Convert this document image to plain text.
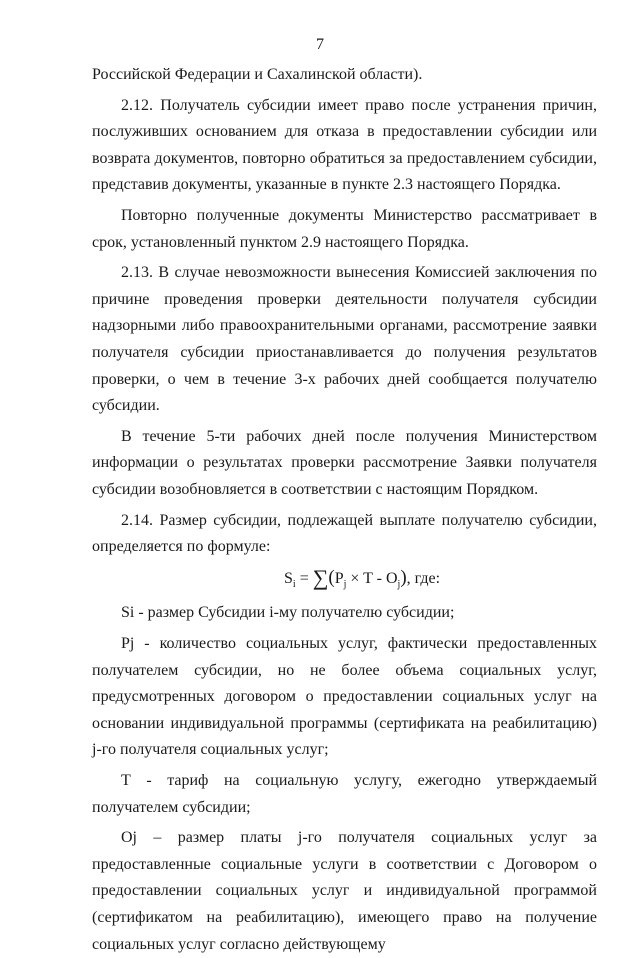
7

Российской Федерации и Сахалинской области).

2.12. Получатель субсидии имеет право после устранения причин, послуживших основанием для отказа в предоставлении субсидии или возврата документов, повторно обратиться за предоставлением субсидии, представив документы, указанные в пункте 2.3 настоящего Порядка.

Повторно полученные документы Министерство рассматривает в срок, установленный пунктом 2.9 настоящего Порядка.

2.13. В случае невозможности вынесения Комиссией заключения по причине проведения проверки деятельности получателя субсидии надзорными либо правоохранительными органами, рассмотрение заявки получателя субсидии приостанавливается до получения результатов проверки, о чем в течение 3-х рабочих дней сообщается получателю субсидии.

В течение 5-ти рабочих дней после получения Министерством информации о результатах проверки рассмотрение Заявки получателя субсидии возобновляется в соответствии с настоящим Порядком.

2.14. Размер субсидии, подлежащей выплате получателю субсидии, определяется по формуле:

$S_i = \sum(P_j \times T - O_j)$, где:

Si - размер Субсидии i-му получателю субсидии;

Pj - количество социальных услуг, фактически предоставленных получателем субсидии, но не более объема социальных услуг, предусмотренных договором о предоставлении социальных услуг на основании индивидуальной программы (сертификата на реабилитацию) j-го получателя социальных услуг;

Т - тариф на социальную услугу, ежегодно утверждаемый получателем субсидии;

Oj – размер платы j-го получателя социальных услуг за предоставленные социальные услуги в соответствии с Договором о предоставлении социальных услуг и индивидуальной программой (сертификатом на реабилитацию), имеющего право на получение социальных услуг согласно действующему
